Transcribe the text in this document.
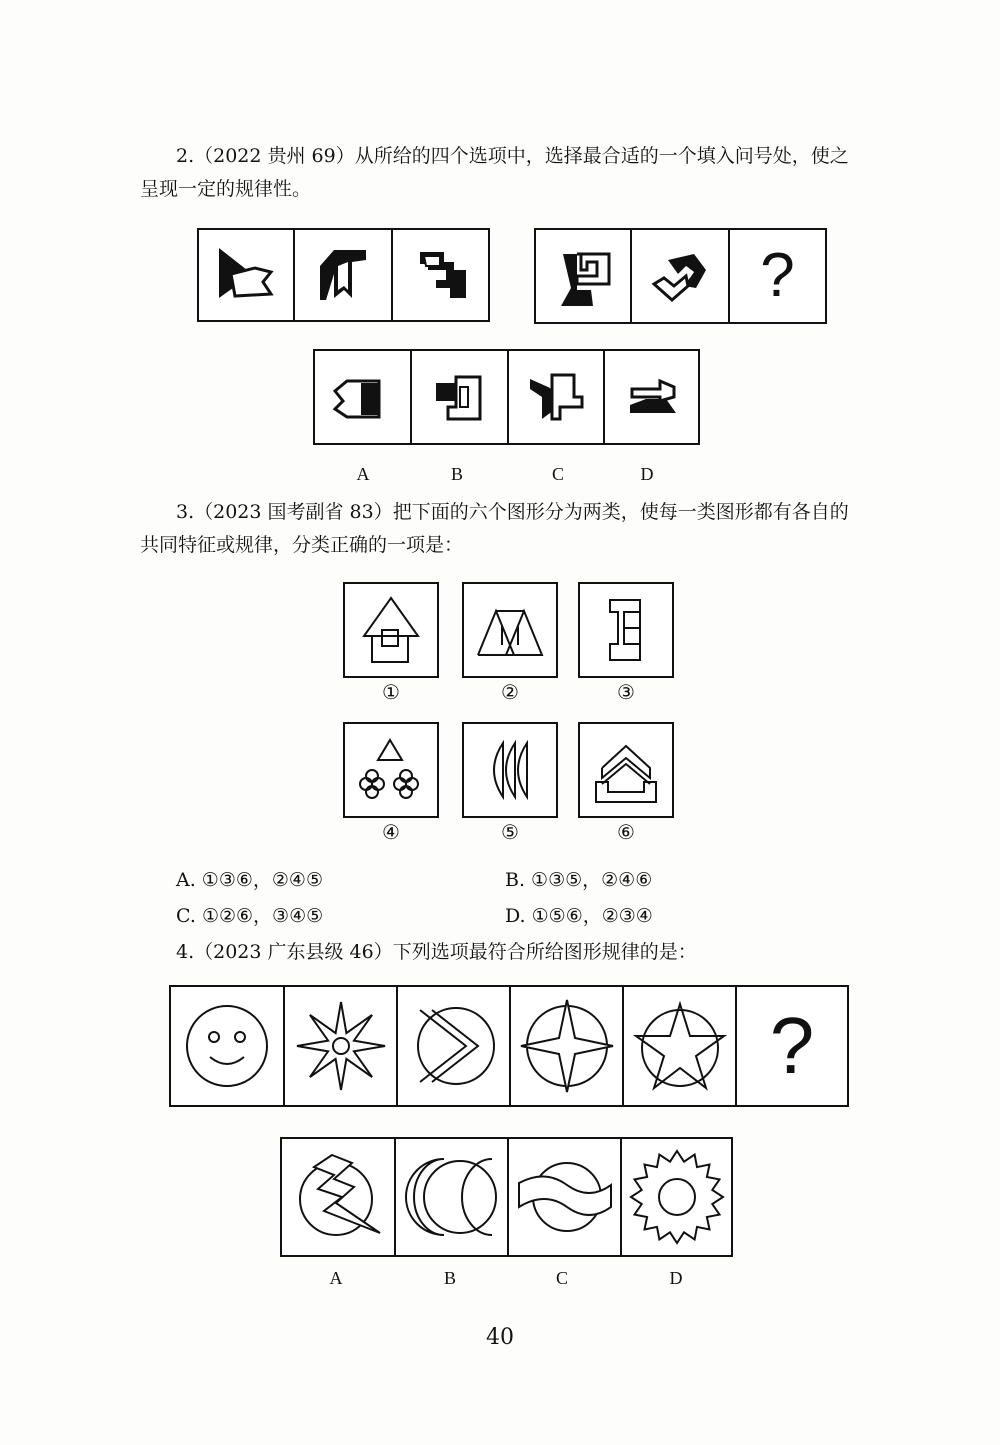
2.（2022 贵州 69）从所给的四个选项中，选择最合适的一个填入问号处，使之
呈现一定的规律性。
?
A	B	C	D
3.（2023 国考副省 83）把下面的六个图形分为两类，使每一类图形都有各自的
共同特征或规律，分类正确的一项是：
①	②	③
④	⑤	⑥
A. ①③⑥，②④⑤	B. ①③⑤，②④⑥
C. ①②⑥，③④⑤	D. ①⑤⑥，②③④
4.（2023 广东县级 46）下列选项最符合所给图形规律的是：
?
A	B	C	D
40
